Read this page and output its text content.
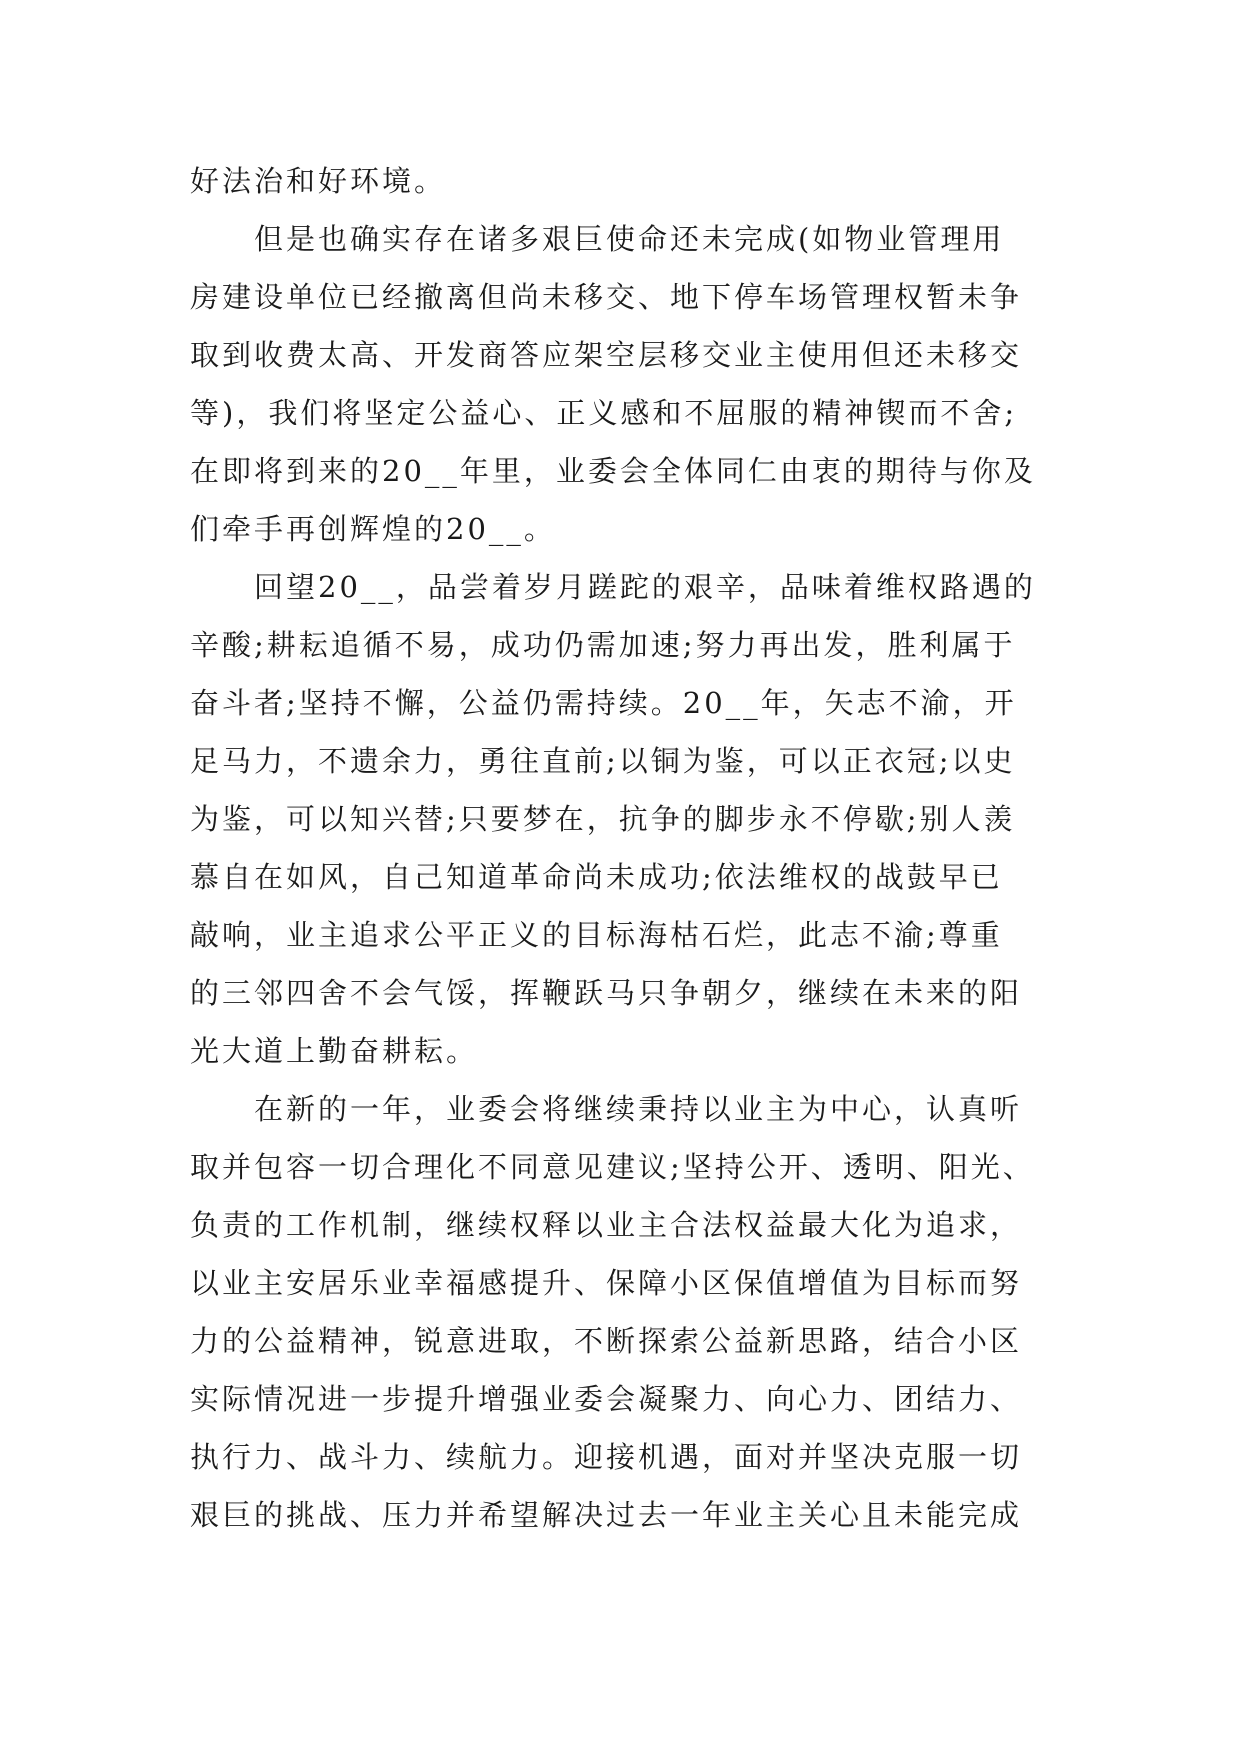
好法治和好环境。
　　但是也确实存在诸多艰巨使命还未完成(如物业管理用
房建设单位已经撤离但尚未移交、地下停车场管理权暂未争
取到收费太高、开发商答应架空层移交业主使用但还未移交
等)，我们将坚定公益心、正义感和不屈服的精神锲而不舍;
在即将到来的20__年里，业委会全体同仁由衷的期待与你及
们牵手再创辉煌的20__。
　　回望20__，品尝着岁月蹉跎的艰辛，品味着维权路遇的
辛酸;耕耘追循不易，成功仍需加速;努力再出发，胜利属于
奋斗者;坚持不懈，公益仍需持续。20__年，矢志不渝，开
足马力，不遗余力，勇往直前;以铜为鉴，可以正衣冠;以史
为鉴，可以知兴替;只要梦在，抗争的脚步永不停歇;别人羡
慕自在如风，自己知道革命尚未成功;依法维权的战鼓早已
敲响，业主追求公平正义的目标海枯石烂，此志不渝;尊重
的三邻四舍不会气馁，挥鞭跃马只争朝夕，继续在未来的阳
光大道上勤奋耕耘。
　　在新的一年，业委会将继续秉持以业主为中心，认真听
取并包容一切合理化不同意见建议;坚持公开、透明、阳光、
负责的工作机制，继续权释以业主合法权益最大化为追求，
以业主安居乐业幸福感提升、保障小区保值增值为目标而努
力的公益精神，锐意进取，不断探索公益新思路，结合小区
实际情况进一步提升增强业委会凝聚力、向心力、团结力、
执行力、战斗力、续航力。迎接机遇，面对并坚决克服一切
艰巨的挑战、压力并希望解决过去一年业主关心且未能完成
